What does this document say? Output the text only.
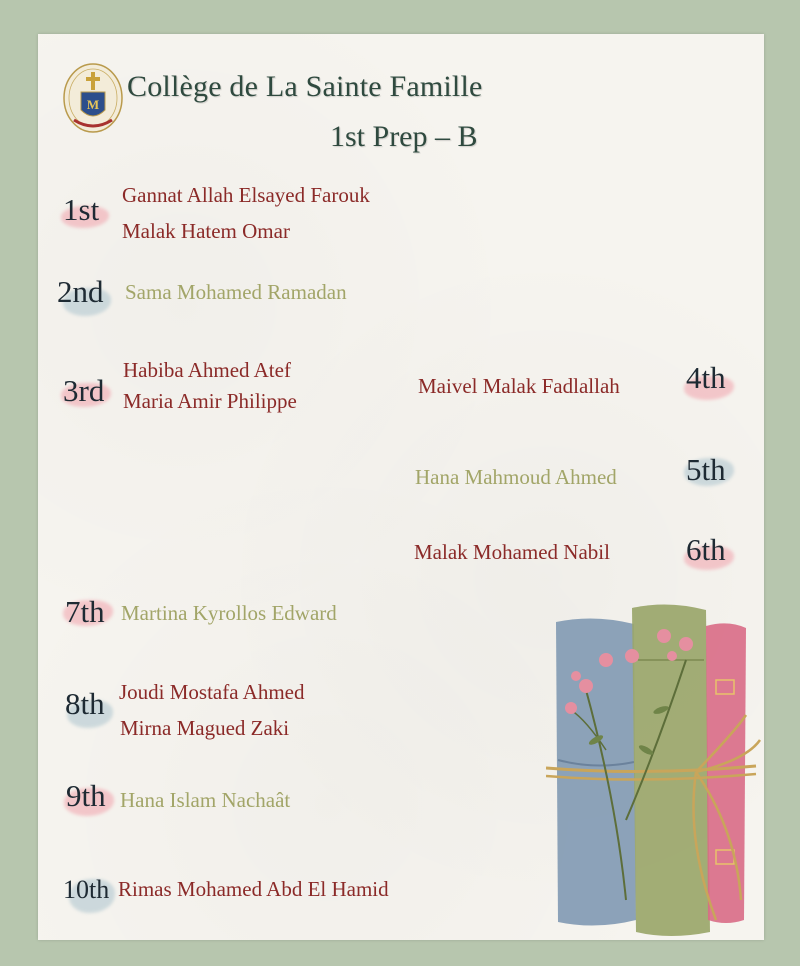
M
Collège de La Sainte Famille
1st Prep – B
1st Gannat Allah Elsayed Farouk
Malak Hatem Omar
2nd Sama Mohamed Ramadan
3rd
Habiba Ahmed Atef
Maria Amir Philippe
4th
Maivel Malak Fadlallah
5th
Hana Mahmoud Ahmed
6th
Malak Mohamed Nabil
7th Martina Kyrollos Edward
8th Joudi Mostafa Ahmed
Mirna Magued Zaki
9th Hana Islam Nachaât
10th Rimas Mohamed Abd El Hamid
